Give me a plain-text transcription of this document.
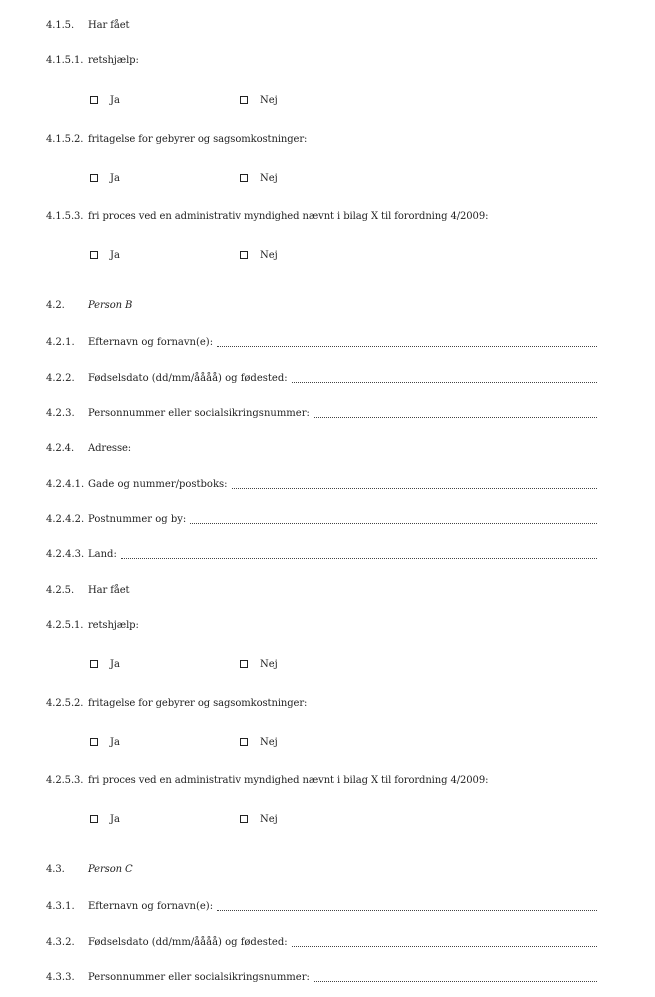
4.1.5. Har fået
4.1.5.1. retshjælp:
Ja	Nej
4.1.5.2. fritagelse for gebyrer og sagsomkostninger:
Ja	Nej
4.1.5.3. fri proces ved en administrativ myndighed nævnt i bilag X til forordning 4/2009:
Ja	Nej
4.2. Person B
4.2.1.	Efternavn og fornavn(e):
4.2.2.	Fødselsdato (dd/mm/åååå) og fødested:
4.2.3.	Personnummer eller socialsikringsnummer:
4.2.4. Adresse:
4.2.4.1. Gade og nummer/postboks:
4.2.4.2. Postnummer og by:
4.2.4.3. Land:
4.2.5. Har fået
4.2.5.1. retshjælp:
Ja	Nej
4.2.5.2. fritagelse for gebyrer og sagsomkostninger:
Ja	Nej
4.2.5.3. fri proces ved en administrativ myndighed nævnt i bilag X til forordning 4/2009:
Ja	Nej
4.3. Person C
4.3.1.	Efternavn og fornavn(e):
4.3.2.	Fødselsdato (dd/mm/åååå) og fødested:
4.3.3.	Personnummer eller socialsikringsnummer:
